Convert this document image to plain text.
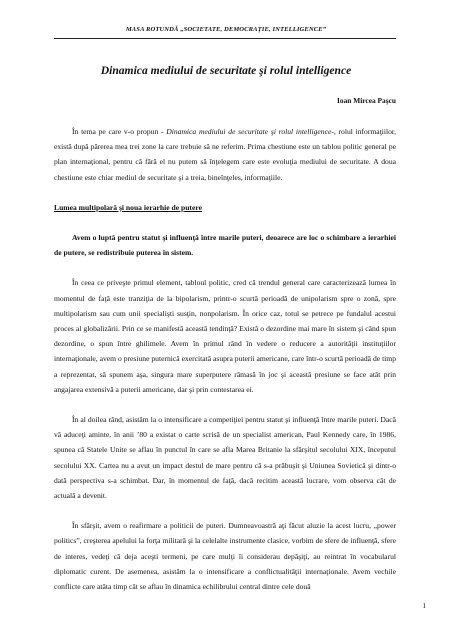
MASA ROTUNDĂ „SOCIETATE, DEMOCRAȚIE, INTELLIGENCE”
Dinamica mediului de securitate şi rolul intelligence
Ioan Mircea Paşcu

În tema pe care v-o propun - Dinamica mediului de securitate şi rolul intelligence-, rolul informaţiilor, există după părerea mea trei zone la care trebuie să ne referim. Prima chestiune este un tablou politic general pe plan internaţional, pentru că fără el nu putem să înţelegem care este evoluţia mediului de securitate. A doua chestiune este chiar mediul de securitate şi a treia, bineînţeles, informaţiile.

Lumea multipolară şi noua ierarhie de putere

Avem o luptă pentru statut şi influenţă între marile puteri, deoarece are loc o schimbare a ierarhiei de putere, se redistribuie puterea în sistem.

În ceea ce priveşte primul element, tabloul politic, cred că trendul general care caracterizează lumea în momentul de faţă este tranziţia de la bipolarism, printr-o scurtă perioadă de unipolarism spre o zonă, spre multipolarism sau cum unii specialişti susţin, nonpolarism. În orice caz, totul se petrece pe fundalul acestui proces al globalizării. Prin ce se manifestă această tendinţă? Există o dezordine mai mare în sistem şi când spun dezordine, o spun între ghilimele. Avem în primul rând în vedere o reducere a autorităţii instituţiilor internaţionale, avem o presiune puternică exercitată asupra puterii americane, care într-o scurtă perioadă de timp a reprezentat, să spunem aşa, singura mare superputere rămasă în joc şi această presiune se face atât prin angajarea extensivă a puterii americane, dar şi prin contestarea ei.

În al doilea rând, asistăm la o intensificare a competiţiei pentru statut şi influenţă între marile puteri. Dacă vă aduceţi aminte, în anii ’80 a existat o carte scrisă de un specialist american, Paul Kennedy care, în 1986, spunea că Statele Unite se aflau în punctul în care se afla Marea Britanie la sfârşitul secolului XIX, începutul secolului XX. Cartea nu a avut un impact destul de mare pentru că s-a prăbuşit şi Uniunea Sovietică şi dintr-o dată perspectiva s-a schimbat. Dar, în momentul de faţă, dacă recitim această lucrare, vom observa cât de actuală a devenit.

În sfârşit, avem o reafirmare a politicii de puteri. Dumneavoastră aţi făcut aluzie la acest lucru, „power politics”, creşterea apelului la forţa militară şi la celelalte instrumente clasice, vorbim de sfere de influenţă, sfere de interes, vedeţi că deja aceşti termeni, pe care mulţi îi considerau depăşiţi, au reintrat în vocabularul diplomatic curent. De asemenea, asistăm la o intensificare a conflictualităţii internaţionale. Avem vechile conflicte care atâta timp cât se aflau în dinamica echilibrului central dintre cele două

1
